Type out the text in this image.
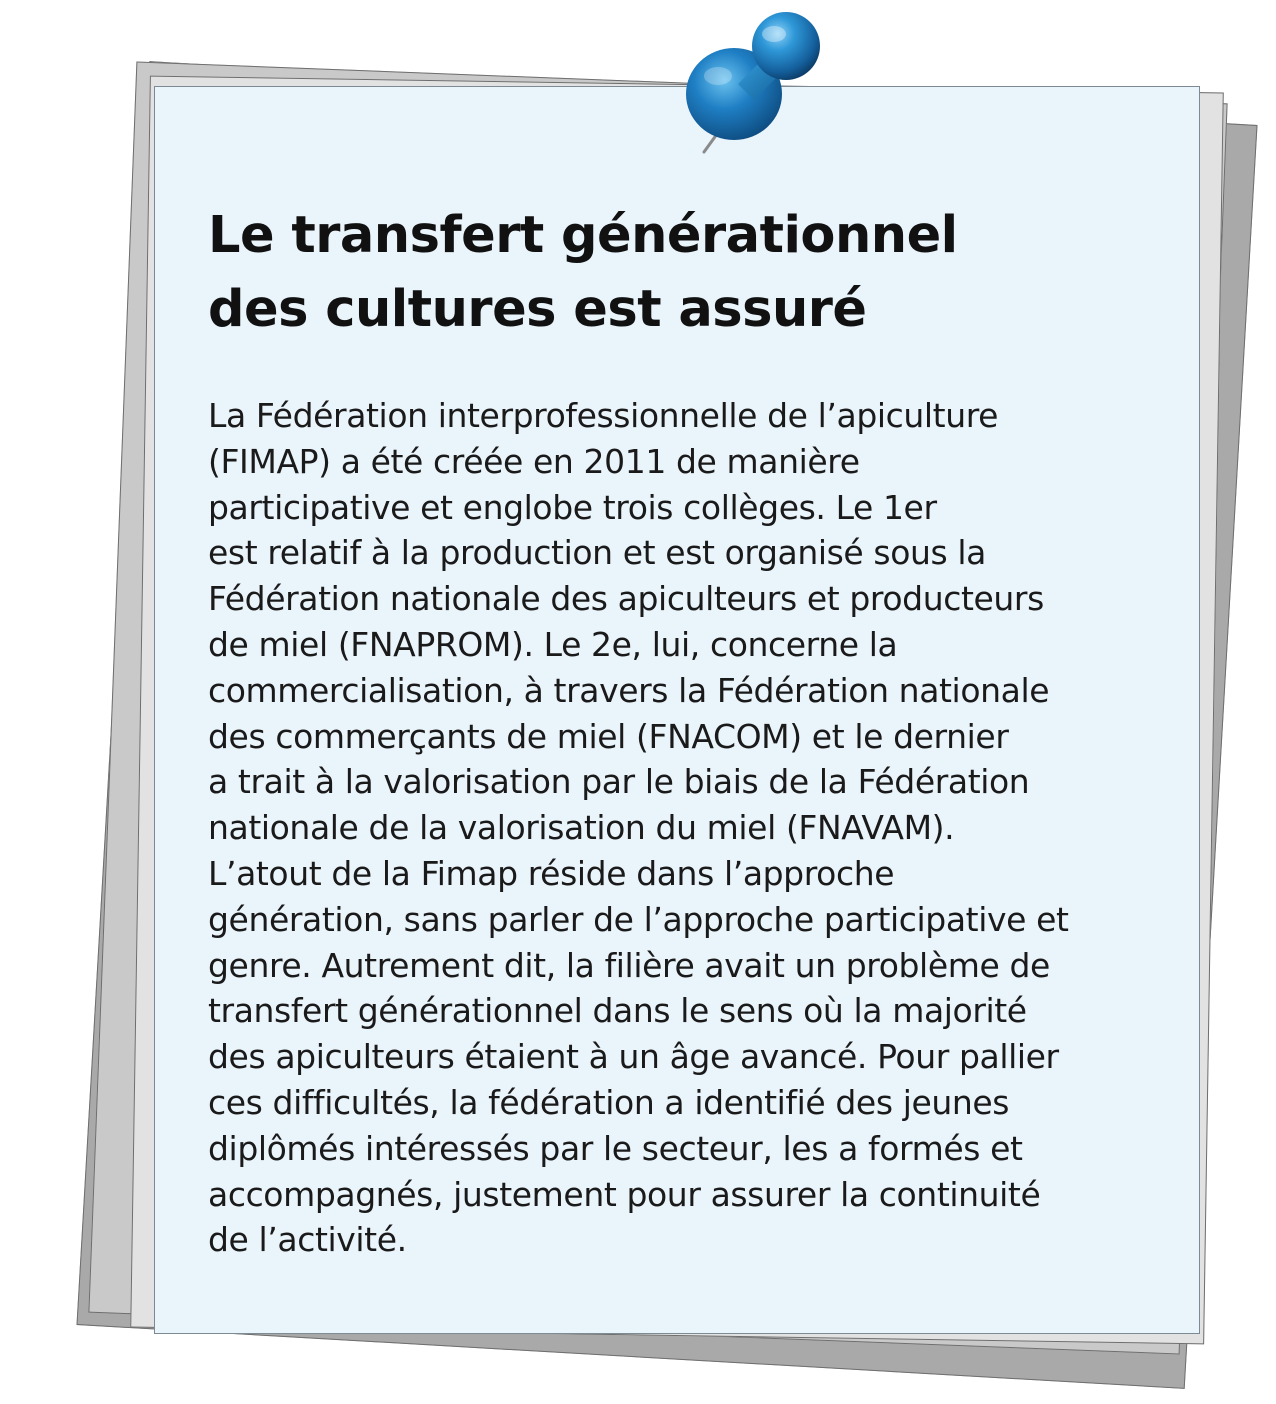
Le transfert générationnel
des cultures est assuré

La Fédération interprofessionnelle de l’apiculture
(FIMAP) a été créée en 2011 de manière
participative et englobe trois collèges. Le 1er
est relatif à la production et est organisé sous la
Fédération nationale des apiculteurs et producteurs
de miel (FNAPROM). Le 2e, lui, concerne la
commercialisation, à travers la Fédération nationale
des commerçants de miel (FNACOM) et le dernier
a trait à la valorisation par le biais de la Fédération
nationale de la valorisation du miel (FNAVAM).
L’atout de la Fimap réside dans l’approche
génération, sans parler de l’approche participative et
genre. Autrement dit, la filière avait un problème de
transfert générationnel dans le sens où la majorité
des apiculteurs étaient à un âge avancé. Pour pallier
ces difficultés, la fédération a identifié des jeunes
diplômés intéressés par le secteur, les a formés et
accompagnés, justement pour assurer la continuité
de l’activité.
